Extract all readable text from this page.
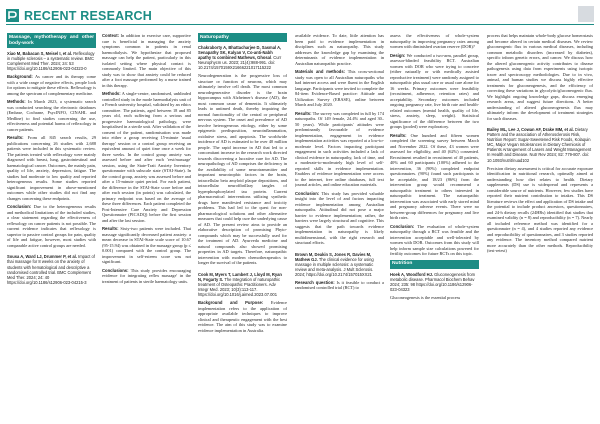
RECENT RESEARCH
Massage, mythotherapy and other body-work
Xiao M, Babacan S, Meisel I, et al. Reflexology in multiple sclerosis – a systematic review. BMC Complement Med Ther. 2024; 24: 53 https://doi.org/10.1186/s12906-023-04323-0
Background: As cancer and its therapy come with a wide range of negative effects, people look for options to mitigate these effects. Reflexology is among the spectrum of complementary medicine.
Methods: In March 2023, a systematic search was conducted searching the electronic databases (Embase, Cochrane, PsycINFO, CINAHL and Medline) to find studies concerning the use, effectiveness and potential harms of reflexology in cancer patients.
Results: From all 845 search results, 29 publications concerning 26 studies with 2,688 patients were included in this systematic review. The patients treated with reflexology were mainly diagnosed with breast, lung, gastrointestinal and haematological cancer. Outcomes, the mainly pain, quality of life, anxiety, depression, fatigue. The studies had moderate to low quality and reported heterogeneous results. Some studies reported significant improvement in above-mentioned outcomes while other studies did not find any changes concerning these endpoints.
Conclusion: Due to the heterogeneous results and methodical limitations of the included studies, a clear statement regarding the effectiveness of reflexology on cancer patients is not possible. The current evidence indicates that reflexology is superior to passive control groups for pain, quality of life and fatigue, however, most studies with comparable active control groups are needed.
Sousa A, Ward LJ, Drummer P, et al. Impact of thai massage for 8 weeks on the anxiety of students with hematological and descriptive a randomised controlled trial. BMC Complement Med Ther. 2024; 24: 40 https://doi.org/10.1186/s12906-023-04215-3
Context: In addition to exercise care, supportive care is beneficial in managing the anxiety symptoms common in patients in renal haemodialysis. We hypothesize that proposed massage can help the patient, particularly in this isolated setting where physical contact is commonly limited. The main objective of this study was to show that anxiety could be reduced after a foot massage performed by a nurse trained in this therapy.
Methods: A single-centre, randomised, unblinded controlled study in the mode haemodialysis unit of a French university hospital, validated by an ethics committee. The patients, aged between 18 and 85 years old, each suffering from a serious and progressive haematological pathology, were hospitalised in a sterile unit. After validation of the consent of the patient, randomisation was made into either a group receiving 15-minute 'usual therapy' session or a control group receiving an equivalent amount of quiet time once a week for three weeks. In the control group anxiety was assessed before and after each 'rest/massage' session, using the State-Trait Anxiety Inventory questionnaire with subscale state (STAI-State). In the control group, anxiety was assessed before and after a 15-minute quiet period. For each patient, the difference in the STAI-State score before and after each session (in points) was calculated, the primary endpoint was based on the average of these three differences. Each patient completed the Post-Intensive Care Anxiety and Depression Questionnaire (PICADQ) before the first session and after the last session.
Results: Sixty-two patients were included. Thai massage significantly decreased patient anxiety: a mean decrease in STAI-State scale score of 10.67 (95-15.94) was obtained in the massage group (p ≤ 0.001) compared with the control group. The improvement in self-esteem score was not significant.
Conclusions: This study provides encouraging evidence for integrating reflex massage' in the treatment of patients in sterile haematology units.
Naturopathy
Chakraborty A, Bhattacharjee D, Sasmal A, Senapathy SK, Kalyan V, Co-anti-Nabh apathy tc combined Mathews, Ghosal. Curr Neurophycm us. 2023; 21(4):988-991. doi: 10.2174/1570159X21666221017115222
Neurodegeneration is the progressive loss of structure or function of neurons, which may ultimately involve cell death. The most common neurodegenerative disorder is the brain hippocampus with Alzheimer's disease (AD), the most common cause of dementia. It ultimately leads to untimed death, thereby impairing the normal functionality of the central or peripheral nervous system. The onset and prevalence of AD involve heterogeneous etiology, either by some epigenetic predisposition, neuroinflammation, oxidative stress, and apoptosis. The worldwide incidence of AD is estimated to be over 40 million people. The rapid increase in AD that led to a concomitant increase in the research work directed towards discovering a lucrative cure for AD. The neuropathology of AD comprises the deficiency in the availability of some neurotransmitter and important neurotrophic factors in the brain, intracellular beta amyloid plaque depositions, and intracellular neurofibrillary tangles of hyperphosphorylated tau protein. Current pharmaceutical interventions utilizing synthetic drugs have manifested resistance and toxicity problems. This had led to the quest for non-pharmacological solutions and other alternative measures that could help cure the underlying cause of AD. The present review aims to provide an elaborative description of promising Phyto-compounds which may be successfully used for the treatment of AD. Ayurveda medicine and natural compounds also showed promising properties in AD targets. Therefore, naturopathic intervention with modern chemotherapeutics to longer the survival of the patients.
Cook M, Myers T, Lambert J, Lloyd M, Ryan N, Fogarty S. The Integration of naturopathic treatment of Osteopathic Practitioners. Adv Integr Med. 2023; 10(3):113-117. https://doi.org/10.1016/j.aimed.2023.07.001
Background and Purpose: Evidence implementation refers to the application of appropriate available techniques to improve clinical and therapeutic engagement with the best evidence. The aim of this study was to examine evidence implementation in Australia.
available evidence. To date, little attention has been paid to evidence implementation in disciplines such as naturopathy. This study addresses the knowledge gap by examining the determinants of evidence implementation in Australian naturopathic practice.
Materials and methods: This cross-sectional study was open to all Australian naturopaths who had internet access and were fluent in the English language. Participants were invited to complete the 84-item Evidence-Based practice: Attitude and Utilization Survey (EBASE), online between March and July 2020.
Results: The survey was completed in full by 174 naturopaths. Of 149 female, 24.4% and aged 30–50 years). While participants' attitudes were predominantly favourable of evidence implementation, engagement in evidence implementation activities was reported at a low-to-moderate level. Factors impacting participant engagement in such activities included a lack of clinical evidence in naturopathy, lack of time, and a moderate-to-moderately high level of self-reported skills in evidence implementation. Enablers of evidence implementation were access to the internet, free online databases, full text journal articles, and online education materials.
Conclusion: This study has provided valuable insight into the level of and factors impacting evidence implementation among Australian naturopaths. Attitudinal did not pose a major barrier to evidence implementation; rather, the barriers were largely structural and cognitive. This suggests that the path towards evidence implementation in naturopathy is likely multidimensional, with the right research and structural efforts.
Brown M, Deakin S, Jones R, Davies M, Mathew GJ. The clinical evidence for using massage in multiple sclerosis: a systematic review and meta-analysis. J Mult Sclerosis. 2024; https://doi.org/10.2174/157015XX21
Research question: Is it feasible to conduct a randomised controlled trial (RCT) to
assess the effectiveness of whole-system naturopathy in improving pregnancy rates among women with diminished ovarian reserve (DOR)?
Design: We conducted a two-arm, parallel group, assessor-blinded feasibility RCT. Australian women with DOR who were trying to conceive (either naturally or with medically assisted reproductive treatment) were randomly assigned to naturopathic plus usual care or usual care alone for 16 weeks. Primary outcomes were feasibility (recruitment, adherence, retention rates) and acceptability. Secondary outcomes included ongoing pregnancy rate, live birth rate and health-related outcomes (mental health, quality of life, stress, anxiety, sleep, weight). Statistical significance of the difference between the two groups (pooled) were exploratory.
Results: One hundred and fifteen women completed the screening survey between March and November 2022. Of these, 43 women were assessed for eligibility, and 40 (62%) consented. Recruitment resulted in recruitment of 40 patients, 40% and 60 participants (100%) adhered to the intervention, 36 (90%) completed endpoint questionnaires. (90%) found such participants to be acceptable, and 18/23 (86%) from the intervention group would recommend a naturopathic treatment to others interested in naturopathic treatment. The naturopathic intervention was associated with early stored mind and pregnancy adverse events. There were no between-group differences for pregnancy and live birth rates.
Conclusion: The evaluation of whole-system naturopathy through a RCT was feasible and the intervention acceptable and well-tolerated by women with DOR. Outcomes from this study will help inform sample size calculations powered for fertility outcomes for future RCTs on this topic.
Nutrition
Hoek A, Woodford HJ. Gluconeogenesis from metabolic disease. Pharmacol Biochem Behav 2024; 235: 98 https://doi.org/10.1186/s12906-023-04323
Gluconeogenesis is the essential process
process that helps maintain whole-body glucose homeostasis and become altered in certain medical diseases. We review gluconeogenic flux in various medical diseases, including common metabolic disorders (increased by diabetes), specific inborn genetic errors, and cancer. We discuss how the altered gluconeogenic activity contributes to disease pathogenesis using data from experiments using isotopic tracer and spectroscopy methodologies. Due to in vivo, animal, and human studies we discuss highly effective treatments for gluconeogenesis, and the efficiency of correcting these variations in glycolytic/gluconeogenic flux. We highlight ongoing knowledge gaps, discuss emerging research areas, and suggest future directions. A better understanding of altered gluconeogenesis flux may ultimately inform the development of treatment strategies for such diseases.
Bailey ML, Lee J, Cowan AF, Drake MM, et al. Dietary Pattern and the association of Atherosclerosis Risk, Nutrition Report: Sugar-Sweetened Risk Foods, Kolaquin MC, Major Vegan Intolerances in Dietary Chemiosis of Patients Arrangement of Lasers and Weight Management In Health and Disease. Nutr Rev 2024; 82: 779-807. doi: 10.1093/nutrit/nuad102
Precision dietary assessment is critical for accurate exposure identification in nutritional research, optimally aimed at understanding how diet relates to health. Dietary supplements (DS) use is widespread and represents a considerable source of nutrients. However, few studies have reported their nutrient contribution to intakes. This DS literature reviews the effect and application of DS intake and the potential to include product ancestors, questionnaires, and 24-h dietary recalls (24HRs) identified that studies that examined validity (n = 8) and reproducibility (n = 7). Nearly all included reference method was identified for a questionnaire (n = 4), and 4 studies reported any evidence and reproducibility of questionnaires, and 3 studies reported any evidence. The inventory method compared nutrient more accurately than the other methods. Reproducibility (test-retest)
